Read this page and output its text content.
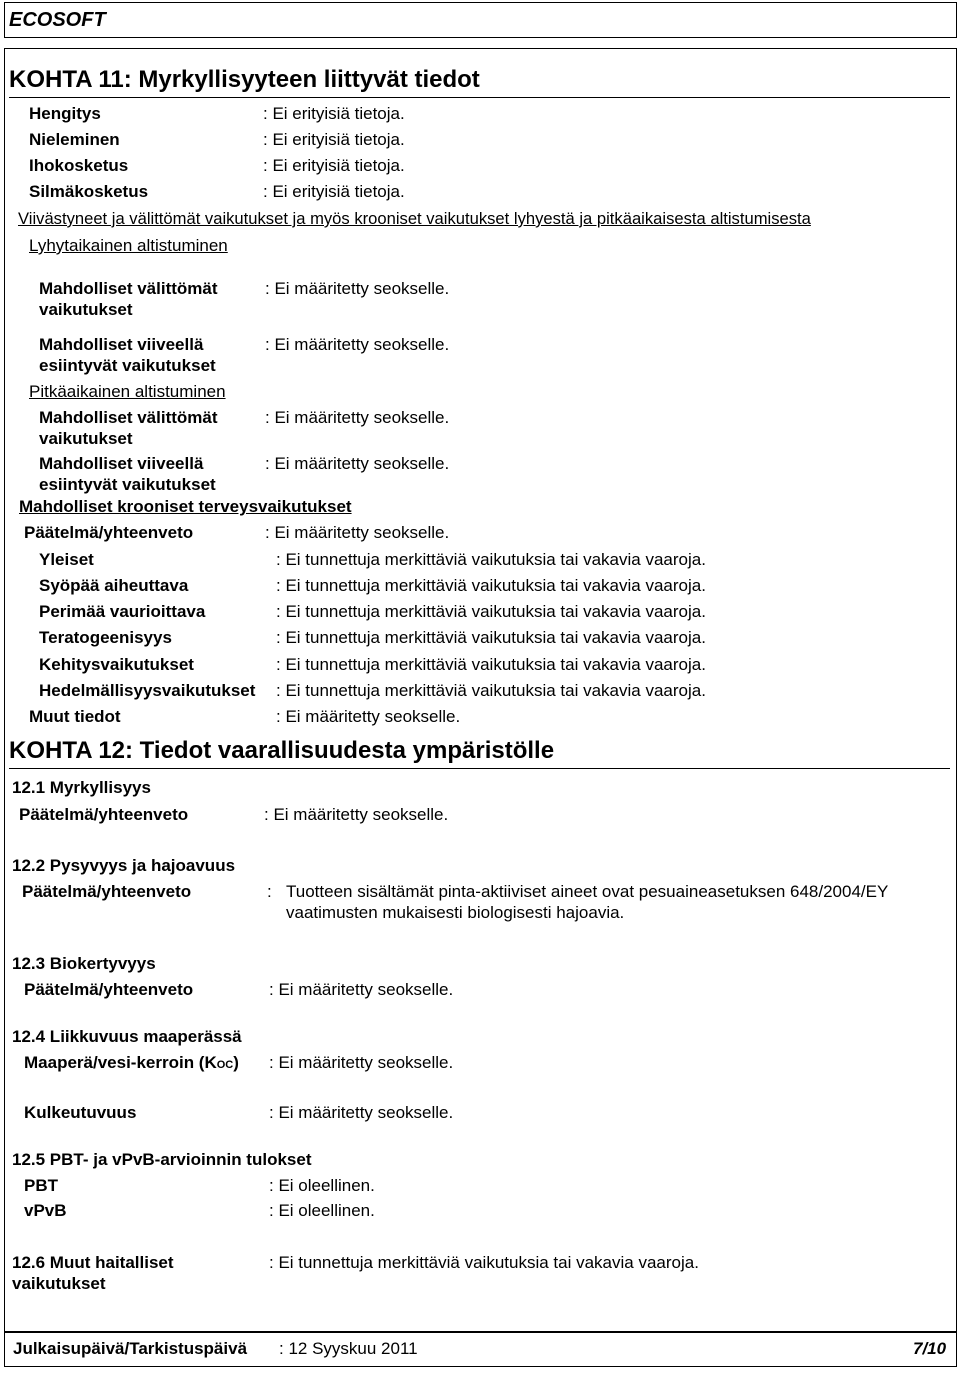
ECOSOFT
KOHTA 11: Myrkyllisyyteen liittyvät tiedot
Hengitys	: Ei erityisiä tietoja.
Nieleminen	: Ei erityisiä tietoja.
Ihokosketus	: Ei erityisiä tietoja.
Silmäkosketus	: Ei erityisiä tietoja.
Viivästyneet ja välittömät vaikutukset ja myös krooniset vaikutukset lyhyestä ja pitkäaikaisesta altistumisesta
Lyhytaikainen altistuminen
Mahdolliset välittömät
vaikutukset
: Ei määritetty seokselle.
Mahdolliset viiveellä
esiintyvät vaikutukset
: Ei määritetty seokselle.
Pitkäaikainen altistuminen
Mahdolliset välittömät
vaikutukset
: Ei määritetty seokselle.
Mahdolliset viiveellä
esiintyvät vaikutukset
: Ei määritetty seokselle.
Mahdolliset krooniset terveysvaikutukset
Päätelmä/yhteenveto	: Ei määritetty seokselle.
Yleiset	: Ei tunnettuja merkittäviä vaikutuksia tai vakavia vaaroja.
Syöpää aiheuttava	: Ei tunnettuja merkittäviä vaikutuksia tai vakavia vaaroja.
Perimää vaurioittava	: Ei tunnettuja merkittäviä vaikutuksia tai vakavia vaaroja.
Teratogeenisyys	: Ei tunnettuja merkittäviä vaikutuksia tai vakavia vaaroja.
Kehitysvaikutukset	: Ei tunnettuja merkittäviä vaikutuksia tai vakavia vaaroja.
Hedelmällisyysvaikutukset : Ei tunnettuja merkittäviä vaikutuksia tai vakavia vaaroja.
Muut tiedot	: Ei määritetty seokselle.
KOHTA 12: Tiedot vaarallisuudesta ympäristölle
12.1 Myrkyllisyys
Päätelmä/yhteenveto	: Ei määritetty seokselle.
12.2 Pysyvyys ja hajoavuus
Päätelmä/yhteenveto	: Tuotteen sisältämät pinta-aktiiviset aineet ovat pesuaineasetuksen 648/2004/EY
vaatimusten mukaisesti biologisesti hajoavia.
12.3 Biokertyvyys
Päätelmä/yhteenveto	: Ei määritetty seokselle.
12.4 Liikkuvuus maaperässä
Maaperä/vesi-kerroin (KOC) : Ei määritetty seokselle.
Kulkeutuvuus	: Ei määritetty seokselle.
12.5 PBT- ja vPvB-arvioinnin tulokset
PBT	: Ei oleellinen.
vPvB	: Ei oleellinen.
12.6 Muut haitalliset
vaikutukset
: Ei tunnettuja merkittäviä vaikutuksia tai vakavia vaaroja.
Julkaisupäivä/Tarkistuspäivä : 12 Syyskuu 2011	7/10
